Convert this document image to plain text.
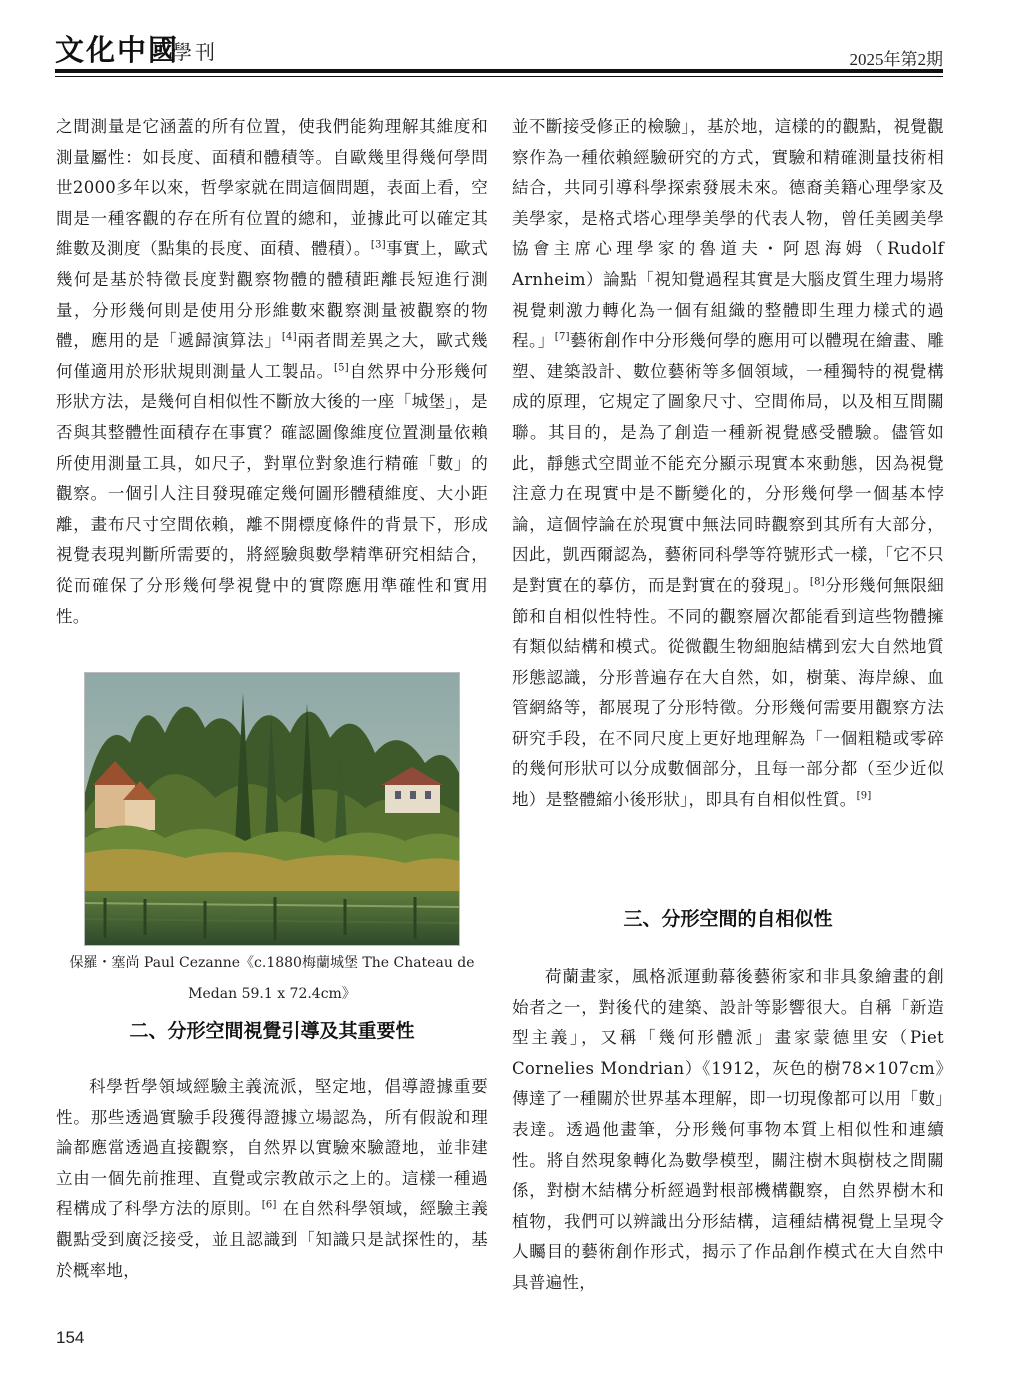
文化中國
學刊	2025年第2期

之間測量是它涵蓋的所有位置，使我們能夠理解其維度和測量屬性：如長度、面積和體積等。自歐幾里得幾何學問世2000多年以來，哲學家就在問這個問題，表面上看，空間是一種客觀的存在所有位置的總和，並據此可以確定其維數及測度（點集的長度、面積、體積）。[3]事實上，歐式幾何是基於特徵長度對觀察物體的體積距離長短進行測量，分形幾何則是使用分形維數來觀察測量被觀察的物體，應用的是「遞歸演算法」[4]兩者間差異之大，歐式幾何僅適用於形狀規則測量人工製品。[5]自然界中分形幾何形狀方法，是幾何自相似性不斷放大後的一座「城堡」，是否與其整體性面積存在事實？確認圖像維度位置測量依賴所使用測量工具，如尺子，對單位對象進行精確「數」的觀察。一個引人注目發現確定幾何圖形體積維度、大小距離，畫布尺寸空間依賴，離不開標度條件的背景下，形成視覺表現判斷所需要的，將經驗與數學精準研究相結合，從而確保了分形幾何學視覺中的實際應用準確性和實用性。

保羅・塞尚 Paul Cezanne《c.1880梅蘭城堡 The Chateau de
Medan 59.1 x 72.4cm》
二、分形空間視覺引導及其重要性

科學哲學領域經驗主義流派，堅定地，倡導證據重要性。那些透過實驗手段獲得證據立場認為，所有假說和理論都應當透過直接觀察，自然界以實驗來驗證地，並非建立由一個先前推理、直覺或宗教啟示之上的。這樣一種過程構成了科學方法的原則。[6] 在自然科學領域，經驗主義觀點受到廣泛接受，並且認識到「知識只是試探性的，基於概率地，

並不斷接受修正的檢驗」，基於地，這樣的的觀點，視覺觀察作為一種依賴經驗研究的方式，實驗和精確測量技術相結合，共同引導科學探索發展未來。德裔美籍心理學家及美學家，是格式塔心理學美學的代表人物，曾任美國美學協會主席心理學家的魯道夫・阿恩海姆（Rudolf Arnheim）論點「視知覺過程其實是大腦皮質生理力場將視覺刺激力轉化為一個有組織的整體即生理力樣式的過程。」[7]藝術創作中分形幾何學的應用可以體現在繪畫、雕塑、建築設計、數位藝術等多個領域，一種獨特的視覺構成的原理，它規定了圖象尺寸、空間佈局，以及相互間關聯。其目的，是為了創造一種新視覺感受體驗。儘管如此，靜態式空間並不能充分顯示現實本來動態，因為視覺注意力在現實中是不斷變化的，分形幾何學一個基本悖論，這個悖論在於現實中無法同時觀察到其所有大部分，因此，凱西爾認為，藝術同科學等符號形式一樣，「它不只是對實在的摹仿，而是對實在的發現」。[8]分形幾何無限細節和自相似性特性。不同的觀察層次都能看到這些物體擁有類似結構和模式。從微觀生物細胞結構到宏大自然地質形態認識，分形普遍存在大自然，如，樹葉、海岸線、血管網絡等，都展現了分形特徵。分形幾何需要用觀察方法研究手段，在不同尺度上更好地理解為「一個粗糙或零碎的幾何形狀可以分成數個部分，且每一部分都（至少近似地）是整體縮小後形狀」，即具有自相似性質。[9]

三、分形空間的自相似性

荷蘭畫家，風格派運動幕後藝術家和非具象繪畫的創始者之一，對後代的建築、設計等影響很大。自稱「新造型主義」，又稱「幾何形體派」畫家蒙德里安（Piet Cornelies Mondrian）《1912，灰色的樹78×107cm》傳達了一種關於世界基本理解，即一切現像都可以用「數」表達。透過他畫筆，分形幾何事物本質上相似性和連續性。將自然現象轉化為數學模型，關注樹木與樹枝之間關係，對樹木結構分析經過對根部機構觀察，自然界樹木和植物，我們可以辨識出分形結構，這種結構視覺上呈現令人矚目的藝術創作形式，揭示了作品創作模式在大自然中具普遍性，

154
